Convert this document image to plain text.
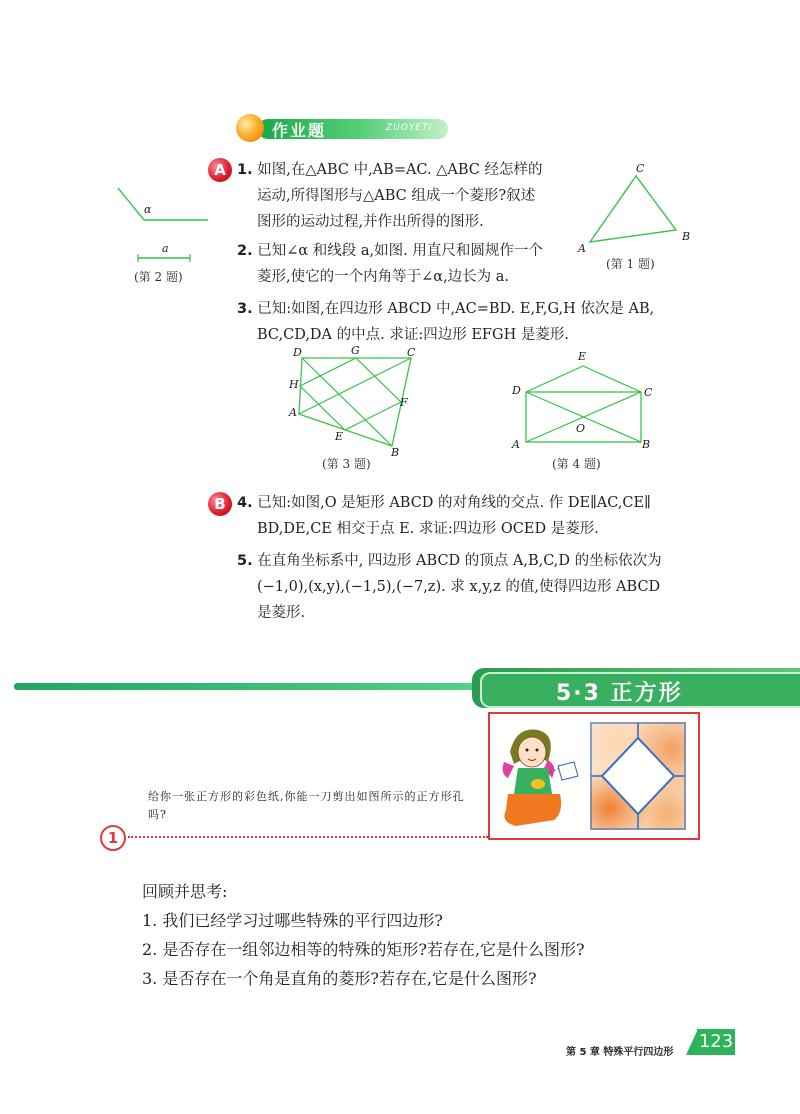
作业题	ZUOYETI
A 1. 如图,在△ABC 中,AB=AC. △ABC 经怎样的
运动,所得图形与△ABC 组成一个菱形?叙述
图形的运动过程,并作出所得的图形.
2. 已知∠α 和线段 a,如图. 用直尺和圆规作一个
菱形,使它的一个内角等于∠α,边长为 a.
3. 已知:如图,在四边形 ABCD 中,AC=BD. E,F,G,H 依次是 AB,
BC,CD,DA 的中点. 求证:四边形 EFGH 是菱形.
α
a
(第 2 题)
C
A
B
(第 1 题)
D	G	C
H
A
F
E
B
(第 3 题)
E
D	C
O
A	B
(第 4 题)
B 4. 已知:如图,O 是矩形 ABCD 的对角线的交点. 作 DE∥AC,CE∥
BD,DE,CE 相交于点 E. 求证:四边形 OCED 是菱形.
5. 在直角坐标系中, 四边形 ABCD 的顶点 A,B,C,D 的坐标依次为
(−1,0),(x,y),(−1,5),(−7,z). 求 x,y,z 的值,使得四边形 ABCD
是菱形.
5·3 正方形
给你一张正方形的彩色纸,你能一刀剪出如图所示的正方形孔吗?
1
回顾并思考:
1. 我们已经学习过哪些特殊的平行四边形?
2. 是否存在一组邻边相等的特殊的矩形?若存在,它是什么图形?
3. 是否存在一个角是直角的菱形?若存在,它是什么图形?
第 5 章 特殊平行四边形
123
